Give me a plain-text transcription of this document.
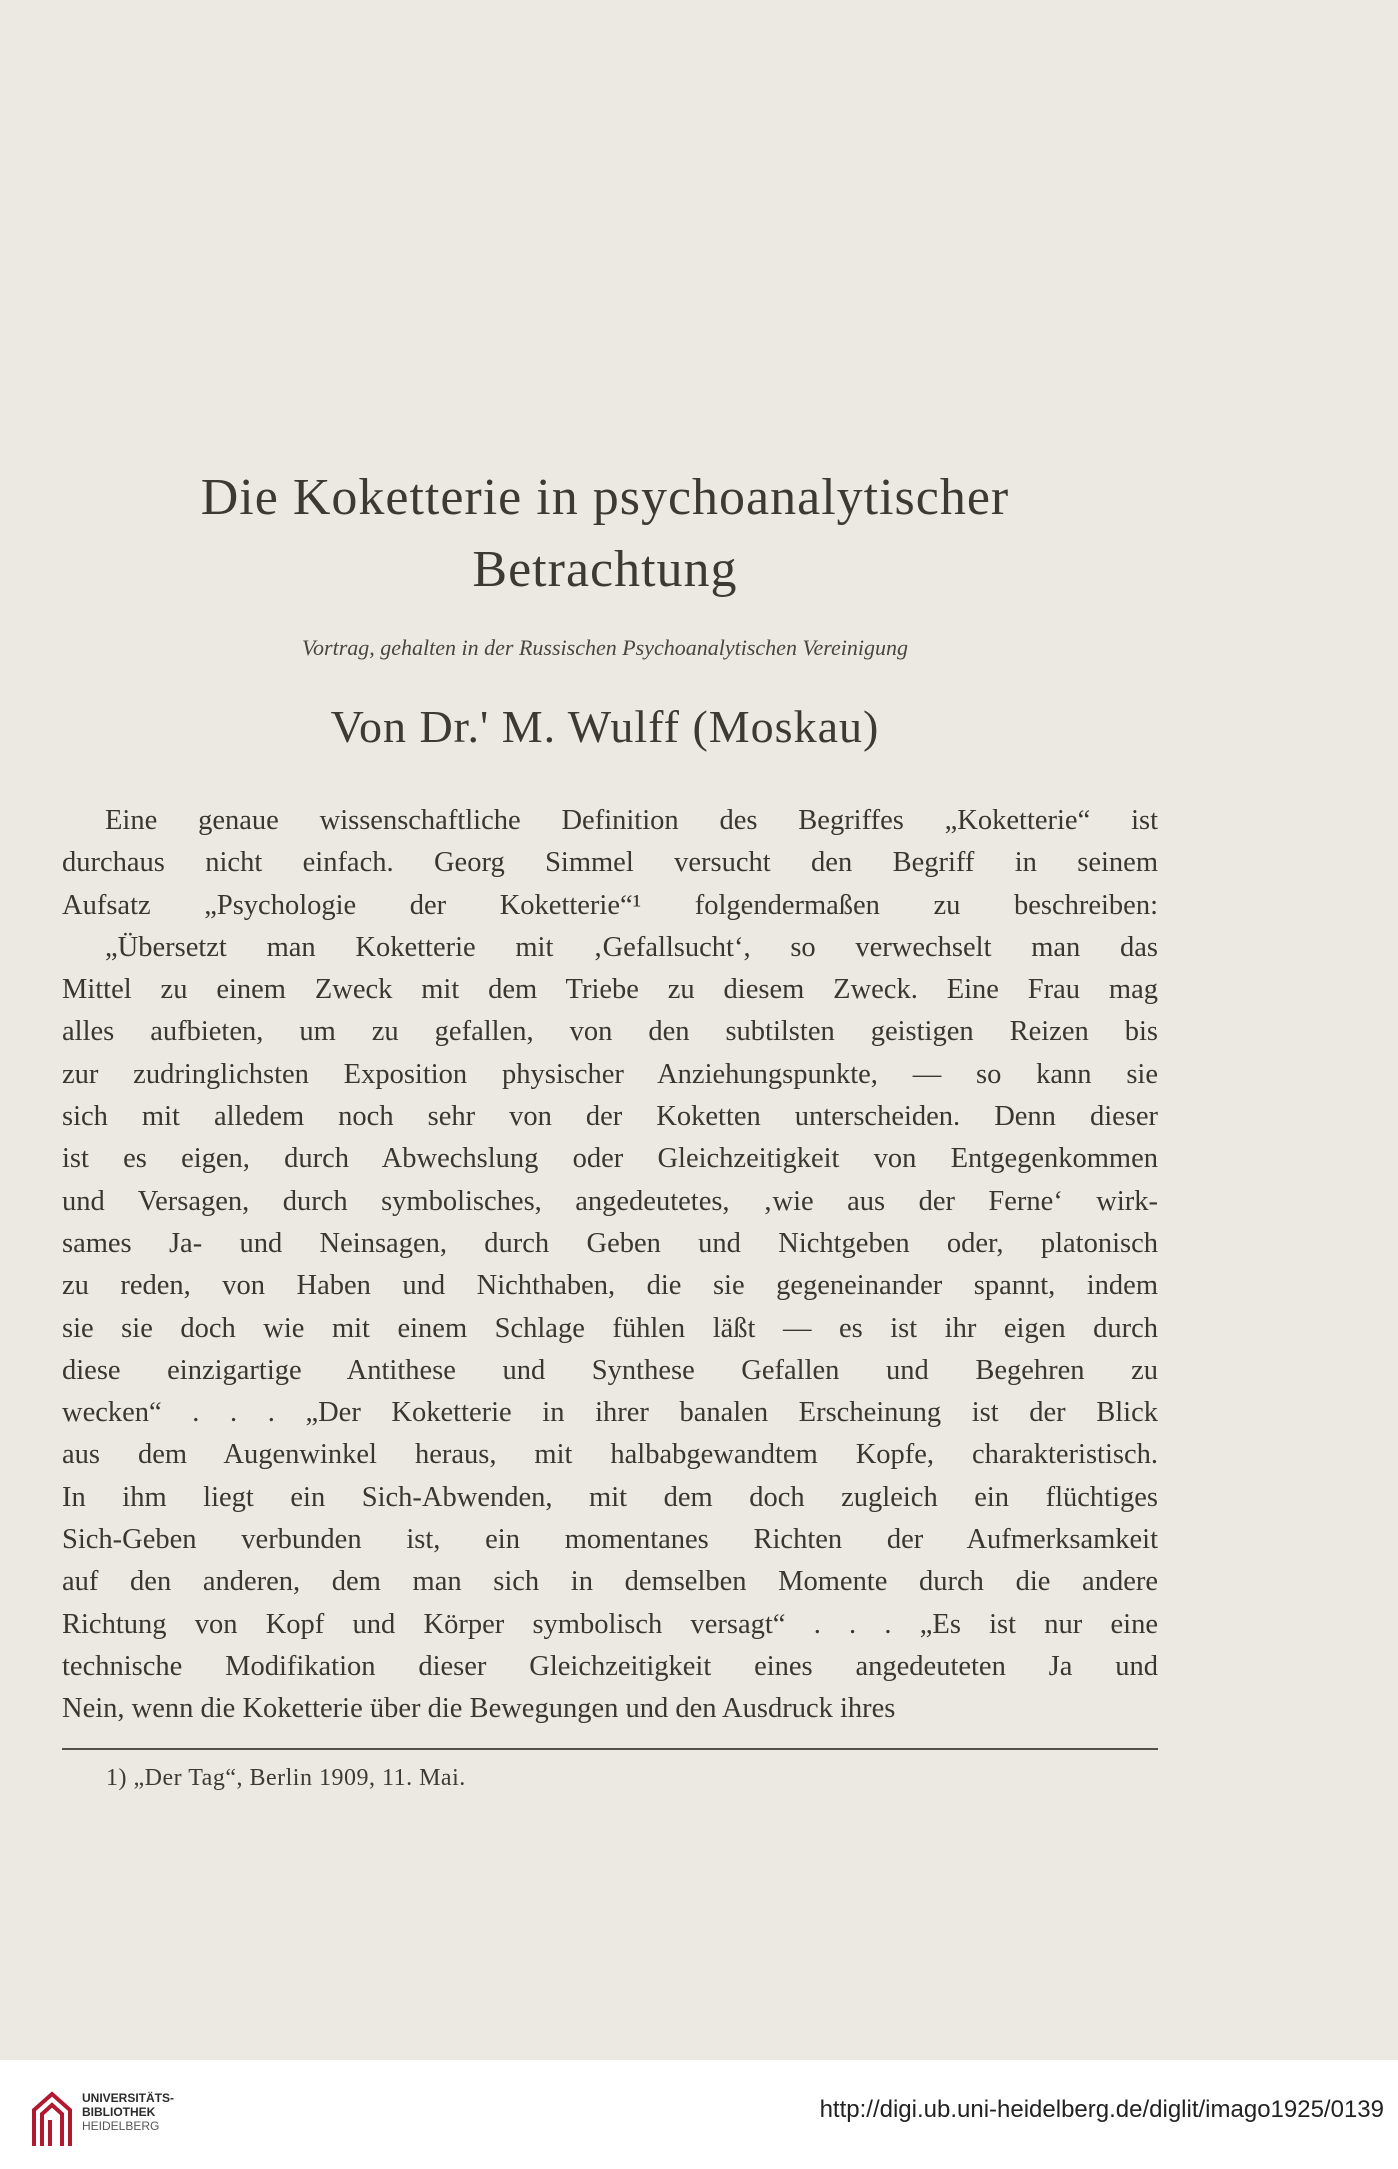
Die Koketterie in psychoanalytischer
Betrachtung
Vortrag, gehalten in der Russischen Psychoanalytischen Vereinigung
Von Dr.' M. Wulff (Moskau)
Eine genaue wissenschaftliche Definition des Begriffes „Koketterie“ ist
durchaus nicht einfach. Georg Simmel versucht den Begriff in seinem
Aufsatz „Psychologie der Koketterie“¹ folgendermaßen zu beschreiben:
„Übersetzt man Koketterie mit ‚Gefallsucht‘, so verwechselt man das
Mittel zu einem Zweck mit dem Triebe zu diesem Zweck. Eine Frau mag
alles aufbieten, um zu gefallen, von den subtilsten geistigen Reizen bis
zur zudringlichsten Exposition physischer Anziehungspunkte, — so kann sie
sich mit alledem noch sehr von der Koketten unterscheiden. Denn dieser
ist es eigen, durch Abwechslung oder Gleichzeitigkeit von Entgegenkommen
und Versagen, durch symbolisches, angedeutetes, ‚wie aus der Ferne‘ wirk-
sames Ja- und Neinsagen, durch Geben und Nichtgeben oder, platonisch
zu reden, von Haben und Nichthaben, die sie gegeneinander spannt, indem
sie sie doch wie mit einem Schlage fühlen läßt — es ist ihr eigen durch
diese einzigartige Antithese und Synthese Gefallen und Begehren zu
wecken“ . . . „Der Koketterie in ihrer banalen Erscheinung ist der Blick
aus dem Augenwinkel heraus, mit halbabgewandtem Kopfe, charakteristisch.
In ihm liegt ein Sich-Abwenden, mit dem doch zugleich ein flüchtiges
Sich-Geben verbunden ist, ein momentanes Richten der Aufmerksamkeit
auf den anderen, dem man sich in demselben Momente durch die andere
Richtung von Kopf und Körper symbolisch versagt“ . . . „Es ist nur eine
technische Modifikation dieser Gleichzeitigkeit eines angedeuteten Ja und
Nein, wenn die Koketterie über die Bewegungen und den Ausdruck ihres
1) „Der Tag“, Berlin 1909, 11. Mai.
UNIVERSITÄTS-
BIBLIOTHEK
HEIDELBERG
http://digi.ub.uni-heidelberg.de/diglit/imago1925/0139
